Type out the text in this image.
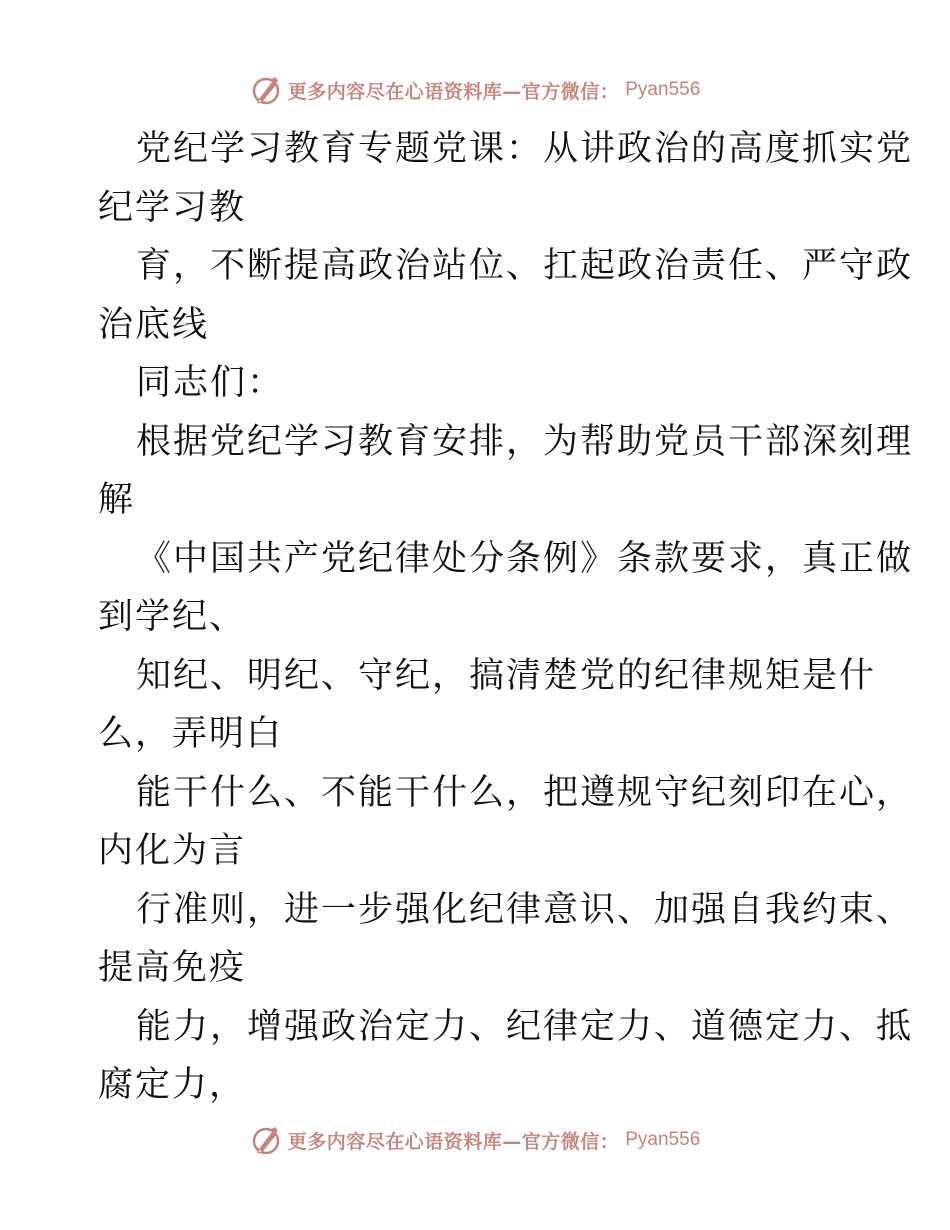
更多内容尽在心语资料库—官方微信： Pyan556
党纪学习教育专题党课：从讲政治的高度抓实党
纪学习教
育，不断提高政治站位、扛起政治责任、严守政
治底线
同志们：
根据党纪学习教育安排，为帮助党员干部深刻理
解
《中国共产党纪律处分条例》条款要求，真正做
到学纪、
知纪、明纪、守纪，搞清楚党的纪律规矩是什
么，弄明白
能干什么、不能干什么，把遵规守纪刻印在心，
内化为言
行准则，进一步强化纪律意识、加强自我约束、
提高免疫
能力，增强政治定力、纪律定力、道德定力、抵
腐定力，
更多内容尽在心语资料库—官方微信： Pyan556
